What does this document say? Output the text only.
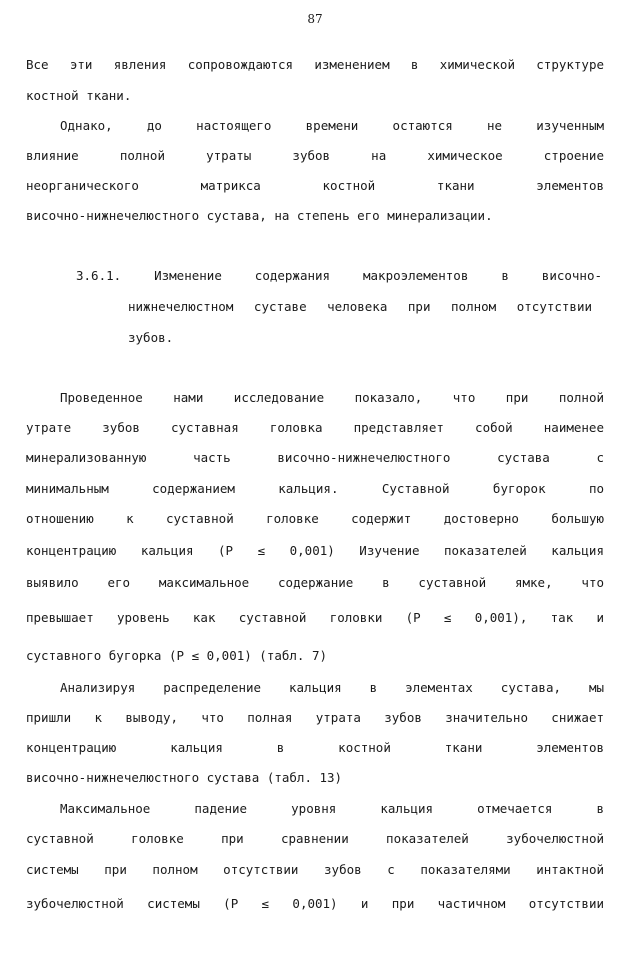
87
Все эти явления сопровождаются изменением в химической структуре
костной ткани.
Однако, до настоящего времени остаются не изученным
влияние полной утраты зубов на химическое строение
неорганического матрикса костной ткани элементов
височно-нижнечелюстного сустава, на степень его минерализации.
3.6.1. Изменение содержания макроэлементов в височно-
нижнечелюстном суставе человека при полном отсутствии
зубов.
Проведенное нами исследование показало, что при полной
утрате зубов суставная головка представляет собой наименее
минерализованную часть височно-нижнечелюстного сустава с
минимальным содержанием кальция. Суставной бугорок по
отношению к суставной головке содержит достоверно большую
концентрацию кальция (Р ≤ 0,001) Изучение показателей кальция
выявило его максимальное содержание в суставной ямке, что
превышает уровень как суставной головки (Р ≤ 0,001), так и
суставного бугорка (Р ≤ 0,001) (табл. 7)
Анализируя распределение кальция в элементах сустава, мы
пришли к выводу, что полная утрата зубов значительно снижает
концентрацию кальция в костной ткани элементов
височно-нижнечелюстного сустава (табл. 13)
Максимальное падение уровня кальция отмечается в
суставной головке при сравнении показателей зубочелюстной
системы при полном отсутствии зубов с показателями интактной
зубочелюстной системы (Р ≤ 0,001) и при частичном отсутствии
